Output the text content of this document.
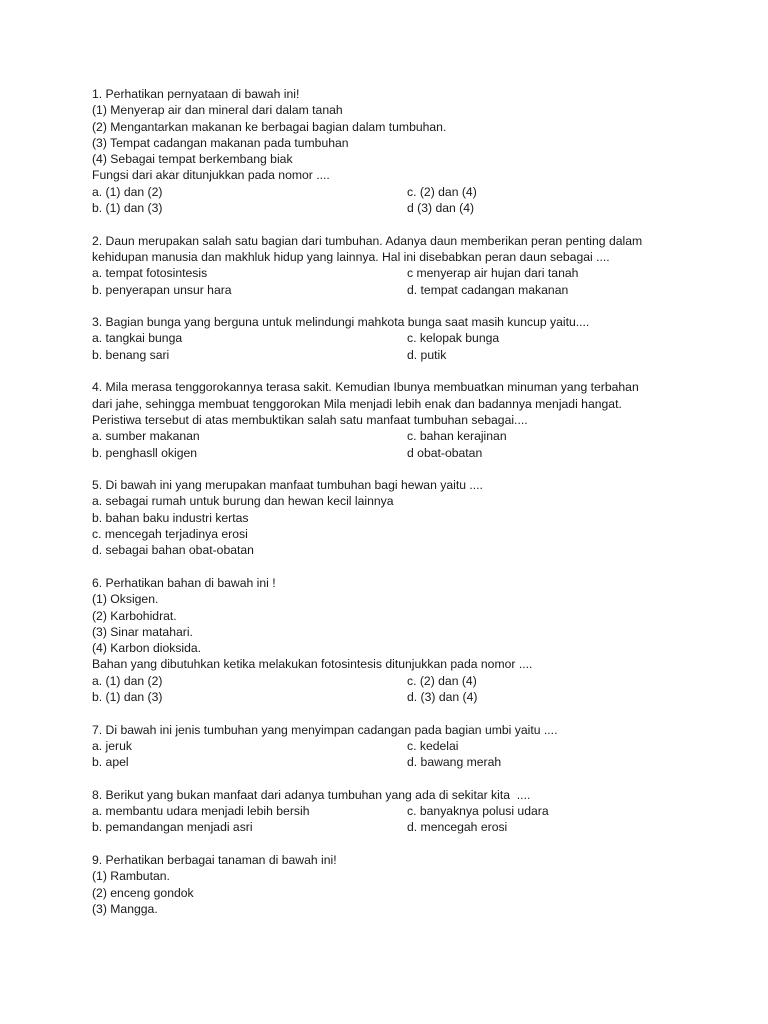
1. Perhatikan pernyataan di bawah ini!
(1) Menyerap air dan mineral dari dalam tanah
(2) Mengantarkan makanan ke berbagai bagian dalam tumbuhan.
(3) Tempat cadangan makanan pada tumbuhan
(4) Sebagai tempat berkembang biak
Fungsi dari akar ditunjukkan pada nomor ....
a. (1) dan (2)	c. (2) dan (4)
b. (1) dan (3)	d (3) dan (4)
2. Daun merupakan salah satu bagian dari tumbuhan. Adanya daun memberikan peran penting dalam
kehidupan manusia dan makhluk hidup yang lainnya. Hal ini disebabkan peran daun sebagai ....
a. tempat fotosintesis	c menyerap air hujan dari tanah
b. penyerapan unsur hara	d. tempat cadangan makanan
3. Bagian bunga yang berguna untuk melindungi mahkota bunga saat masih kuncup yaitu....
a. tangkai bunga	c. kelopak bunga
b. benang sari	d. putik
4. Mila merasa tenggorokannya terasa sakit. Kemudian Ibunya membuatkan minuman yang terbahan
dari jahe, sehingga membuat tenggorokan Mila menjadi lebih enak dan badannya menjadi hangat.
Peristiwa tersebut di atas membuktikan salah satu manfaat tumbuhan sebagai....
a. sumber makanan	c. bahan kerajinan
b. penghasll okigen	d obat-obatan
5. Di bawah ini yang merupakan manfaat tumbuhan bagi hewan yaitu ....
a. sebagai rumah untuk burung dan hewan kecil lainnya
b. bahan baku industri kertas
c. mencegah terjadinya erosi
d. sebagai bahan obat-obatan
6. Perhatikan bahan di bawah ini !
(1) Oksigen.
(2) Karbohidrat.
(3) Sinar matahari.
(4) Karbon dioksida.
Bahan yang dibutuhkan ketika melakukan fotosintesis ditunjukkan pada nomor ....
a. (1) dan (2)	c. (2) dan (4)
b. (1) dan (3)	d. (3) dan (4)
7. Di bawah ini jenis tumbuhan yang menyimpan cadangan pada bagian umbi yaitu ....
a. jeruk	c. kedelai
b. apel	d. bawang merah
8. Berikut yang bukan manfaat dari adanya tumbuhan yang ada di sekitar kita  ....
a. membantu udara menjadi lebih bersih	c. banyaknya polusi udara
b. pemandangan menjadi asri	d. mencegah erosi
9. Perhatikan berbagai tanaman di bawah ini!
(1) Rambutan.
(2) enceng gondok
(3) Mangga.
